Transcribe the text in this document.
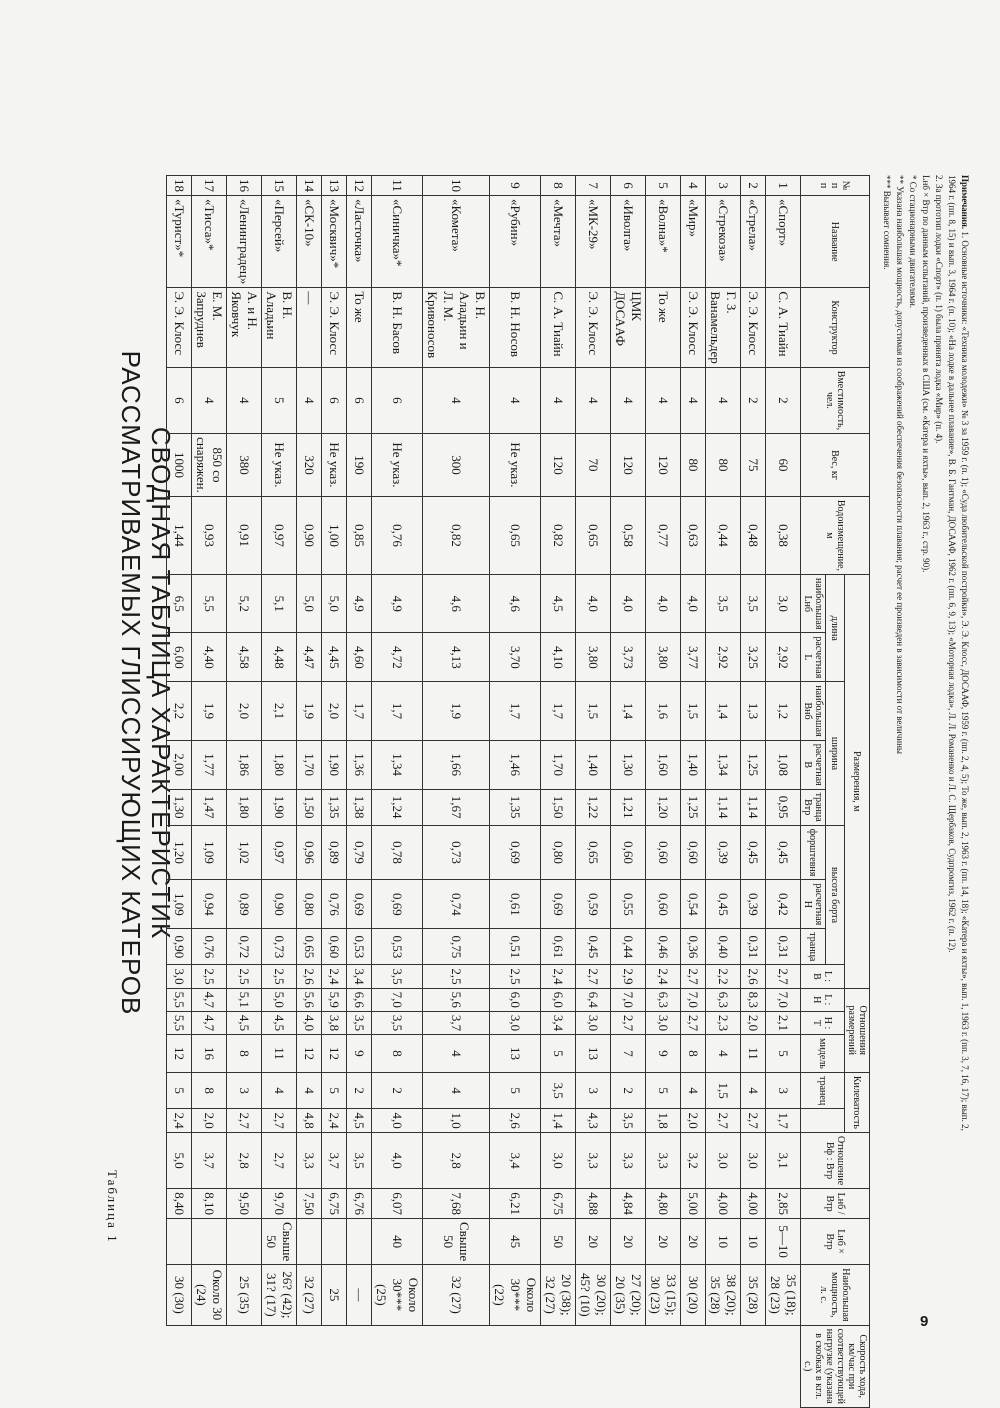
Таблица 1
СВОДНАЯ ТАБЛИЦА ХАРАКТЕРИСТИК
РАССМАТРИВАЕМЫХ ГЛИССИРУЮЩИХ КАТЕРОВ
№ п п	Название	Конструктор	Вместимость, чел.	Вес, кг	Водоизмещение, м	Размерения, м									Отношения размерений			Килеватость		Отношение Bф : Bтр	Lнб / Bтр	Lнб × Bтр	Наибольшая мощность, л. с.	Скорость хода, км/час при соответствующей нагрузке (указана в скобках в кгл. с.)
						длина		ширина			высота борта			L : B	L : H	H : T	мидель	транец						
						наибольшая Lнб	расчетная L	наибольшая Bнб	расчетная B	транца Bтр	форштевня	расчетная H	транца											
1	«Спорт»	С. А. Тиайн	2	60	0,38	3,0	2,92	1,2	1,08	0,95	0,45	0,42	0,31	2,7	7,0	2,1	5	3	1,7	3,1	2,85	5—10	35 (18); 28 (23)	
2	«Стрела»	Э. Э. Клосс	2	75	0,48	3,5	3,25	1,3	1,25	1,14	0,45	0,39	0,31	2,6	8,3	2,0	11	4	2,7	3,0	4,00	10	35 (28)	
3	«Стрекоза»	Г. З. Ванамельдер	4	80	0,44	3,5	2,92	1,4	1,34	1,14	0,39	0,45	0,40	2,2	6,3	2,3	4	1,5	2,7	3,0	4,00	10	38 (20); 35 (28)	
4	«Мир»	Э. Э. Клосс	4	80	0,63	4,0	3,77	1,5	1,40	1,25	0,60	0,54	0,36	2,7	7,0	2,7	8	4	2,0	3,2	5,00	20	30 (20)	
5	«Волна»*	То же	4	120	0,77	4,0	3,80	1,6	1,60	1,20	0,60	0,60	0,46	2,4	6,3	3,0	9	5	1,8	3,3	4,80	20	33 (15); 30 (23)	
6	«Иволга»	ЦМК ДОСААФ	4	120	0,58	4,0	3,73	1,4	1,30	1,21	0,60	0,55	0,44	2,9	7,0	2,7	7	2	3,5	3,3	4,84	20	27 (20); 20 (35)	
7	«МК-29»	Э. Э. Клосс	4	70	0,65	4,0	3,80	1,5	1,40	1,22	0,65	0,59	0,45	2,7	6,4	3,0	13	3	4,3	3,3	4,88	20	30 (20); 45? (10)	
8	«Мечта»	С. А. Тиайн	4	120	0,82	4,5	4,10	1,7	1,70	1,50	0,80	0,69	0,61	2,4	6,0	3,4	5	3,5	1,4	3,0	6,75	50	20 (38); 32 (27)	
9	«Рубин»	В. Н. Носов	4	Не указ.	0,65	4,6	3,70	1,7	1,46	1,35	0,69	0,61	0,51	2,5	6,0	3,0	13	5	2,6	3,4	6,21	45	Около 30*** (22)	
10	«Комета»	В. Н. Аладьин и Л. М. Кривоносов	4	300	0,82	4,6	4,13	1,9	1,66	1,67	0,73	0,74	0,75	2,5	5,6	3,7	4	4	1,0	2,8	7,68	Свыше 50	32 (27)	
11	«Синичка»*	В. Н. Басов	6	Не указ.	0,76	4,9	4,72	1,7	1,34	1,24	0,78	0,69	0,53	3,5	7,0	3,5	8	2	4,0	4,0	6,07	40	Около 30***(25)	
12	«Ласточка»	То же	6	190	0,85	4,9	4,60	1,7	1,36	1,38	0,79	0,69	0,53	3,4	6,6	3,5	9	2	4,5	3,5	6,76		—	
13	«Москвич»*	Э. Э. Клосс	6	Не указ.	1,00	5,0	4,45	2,0	1,90	1,35	0,89	0,76	0,60	2,4	5,9	3,8	12	5	2,4	3,7	6,75		25	
14	«СК-10»	—	4	320	0,90	5,0	4,47	1,9	1,70	1,50	0,96	0,80	0,65	2,6	5,6	4,0	12	4	4,8	3,3	7,50		32 (27)	
15	«Персей»	В. Н. Аладьин	5	Не указ.	0,97	5,1	4,48	2,1	1,80	1,90	0,97	0,90	0,73	2,5	5,0	4,5	11	4	2,7	2,7	9,70	Свыше 50	26? (42); 31? (17)	
16	«Ленинградец»	А. и Н. Яковчук	4	380	0,91	5,2	4,58	2,0	1,86	1,80	1,02	0,89	0,72	2,5	5,1	4,5	8	3	2,7	2,8	9,50		25 (35)	
17	«Тисса»*	Е. М. Запруднев	4	850 со снаряжен.	0,93	5,5	4,40	1,9	1,77	1,47	1,09	0,94	0,76	2,5	4,7	4,7	16	8	2,0	3,7	8,10		Около 30 (24)	
18	«Турист»*	Э. Э. Клосс	6	1000	1,44	6,5	6,00	2,2	2,00	1,30	1,20	1,09	0,90	3,0	5,5	5,5	12	5	2,4	5,0	8,40		30 (30)	

Примечания. 1. Основные источники: «Техника молодежи» № 3 за 1959 г. (п. 1); «Суда любительской постройки», Э. Э. Клосс, ДОСААФ, 1959 г. (пп. 2, 4, 5); То же, вып. 2, 1963 г. (пп. 14, 18); «Катера и яхты», вып. 1, 1963 г. (пп. 3, 7, 16, 17); вып. 2,

1964 г. (пп. 8, 15) и вып. 3, 1964 г. (п. 10); «На лодке в дальнее плавание», В. Б. Гантман, ДОСААФ, 1962 г. (пп. 6, 9, 13); «Моторная лодка», Л. Л. Романенко и Л. С. Щербаков, Судпромгиз, 1962 г. (п. 12).

2. За прототип лодки «Спорт» (п. 1) была принята лодка «Мир» (п. 4).

Lнб × Bтр по данным испытаний, произведенных в США (см. «Катера и яхты», вып. 2, 1963 г., стр. 90).

* Со стационарными двигателями.

** Указана наибольшая мощность, допустимая из соображений обеспечения безопасности плавания; расчет ее произведен в зависимости от величины

*** Вызывает сомнения.

9
